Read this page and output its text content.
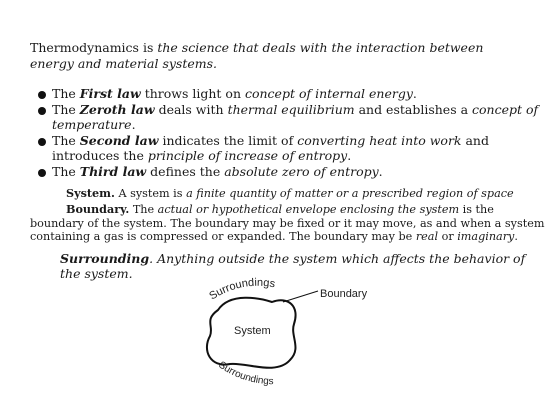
Thermodynamics is the science that deals with the interaction between energy and material systems.

The First law throws light on concept of internal energy.
The Zeroth law deals with thermal equilibrium and establishes a concept of temperature.
The Second law indicates the limit of converting heat into work and introduces the principle of increase of entropy.
The Third law defines the absolute zero of entropy.

System. A system is a finite quantity of matter or a prescribed region of space

Boundary. The actual or hypothetical envelope enclosing the system is the boundary of the system. The boundary may be fixed or it may move, as and when a system containing a gas is compressed or expanded. The boundary may be real or imaginary.

Surrounding. Anything outside the system which affects the behavior of the system.

Surroundings
Surroundings
Boundary
System
